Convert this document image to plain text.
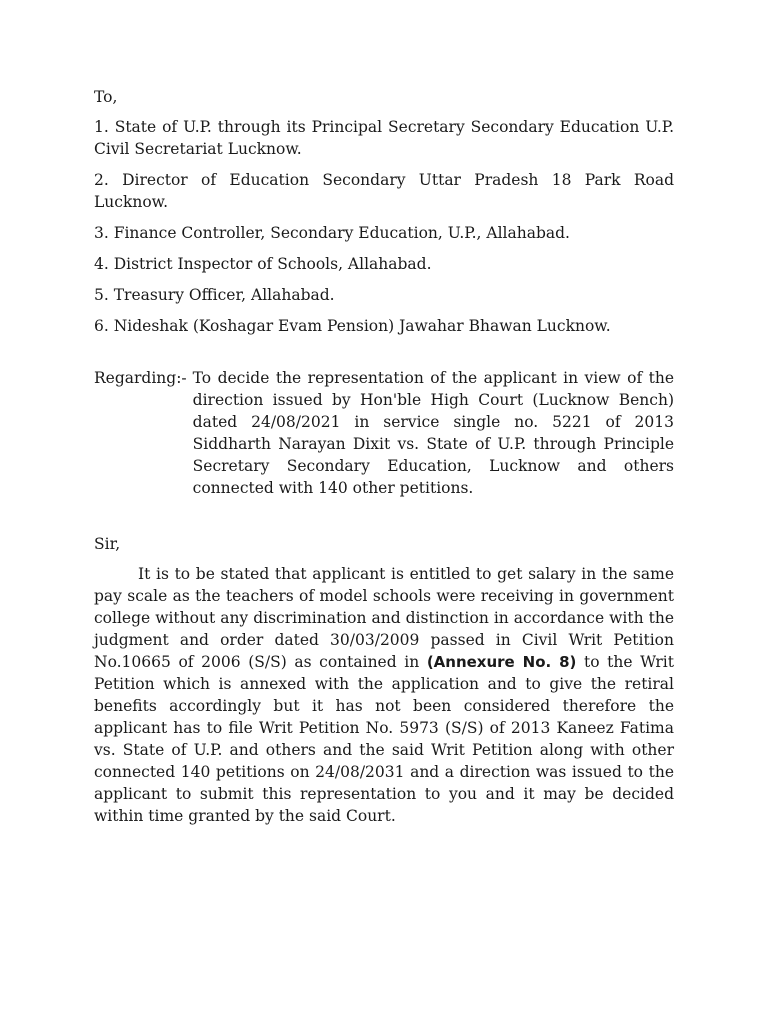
To,

1. State of U.P. through its Principal Secretary Secondary Education U.P. Civil Secretariat Lucknow.

2. Director of Education Secondary Uttar Pradesh 18 Park Road Lucknow.

3. Finance Controller, Secondary Education, U.P., Allahabad.

4. District Inspector of Schools, Allahabad.

5. Treasury Officer, Allahabad.

6. Nideshak (Koshagar Evam Pension) Jawahar Bhawan Lucknow.

Regarding:- To decide the representation of the applicant in view of the direction issued by Hon'ble High Court (Lucknow Bench) dated 24/08/2021 in service single no. 5221 of 2013 Siddharth Narayan Dixit vs. State of U.P. through Principle Secretary Secondary Education, Lucknow and others connected with 140 other petitions.

Sir,

It is to be stated that applicant is entitled to get salary in the same pay scale as the teachers of model schools were receiving in government college without any discrimination and distinction in accordance with the judgment and order dated 30/03/2009 passed in Civil Writ Petition No.10665 of 2006 (S/S) as contained in (Annexure No. 8) to the Writ Petition which is annexed with the application and to give the retiral benefits accordingly but it has not been considered therefore the applicant has to file Writ Petition No. 5973 (S/S) of 2013 Kaneez Fatima vs. State of U.P. and others and the said Writ Petition along with other connected 140 petitions on 24/08/2031 and a direction was issued to the applicant to submit this representation to you and it may be decided within time granted by the said Court.
